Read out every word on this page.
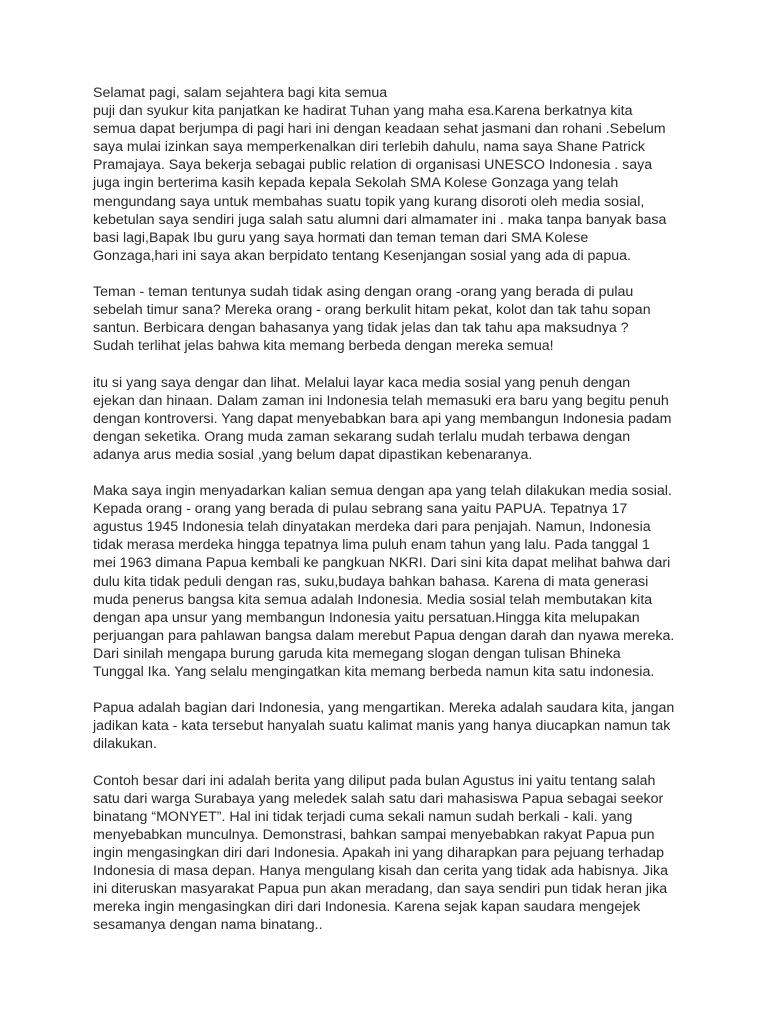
Selamat pagi, salam sejahtera bagi kita semua
puji dan syukur kita panjatkan ke hadirat Tuhan yang maha esa.Karena berkatnya kita
semua dapat berjumpa di pagi hari ini dengan keadaan sehat jasmani dan rohani .Sebelum
saya mulai izinkan saya memperkenalkan diri terlebih dahulu, nama saya Shane Patrick
Pramajaya. Saya bekerja sebagai public relation di organisasi UNESCO Indonesia . saya
juga ingin berterima kasih kepada kepala Sekolah SMA Kolese Gonzaga yang telah
mengundang saya untuk membahas suatu topik yang kurang disoroti oleh media sosial,
kebetulan saya sendiri juga salah satu alumni dari almamater ini . maka tanpa banyak basa
basi lagi,Bapak Ibu guru yang saya hormati dan teman teman dari SMA Kolese
Gonzaga,hari ini saya akan berpidato tentang Kesenjangan sosial yang ada di papua.

Teman - teman tentunya sudah tidak asing dengan orang -orang yang berada di pulau
sebelah timur sana? Mereka orang - orang berkulit hitam pekat, kolot dan tak tahu sopan
santun. Berbicara dengan bahasanya yang tidak jelas dan tak tahu apa maksudnya ?
Sudah terlihat jelas bahwa kita memang berbeda dengan mereka semua!

itu si yang saya dengar dan lihat. Melalui layar kaca media sosial yang penuh dengan
ejekan dan hinaan. Dalam zaman ini Indonesia telah memasuki era baru yang begitu penuh
dengan kontroversi. Yang dapat menyebabkan bara api yang membangun Indonesia padam
dengan seketika. Orang muda zaman sekarang sudah terlalu mudah terbawa dengan
adanya arus media sosial ,yang belum dapat dipastikan kebenaranya.

Maka saya ingin menyadarkan kalian semua dengan apa yang telah dilakukan media sosial.
Kepada orang - orang yang berada di pulau sebrang sana yaitu PAPUA. Tepatnya 17
agustus 1945 Indonesia telah dinyatakan merdeka dari para penjajah. Namun, Indonesia
tidak merasa merdeka hingga tepatnya lima puluh enam tahun yang lalu. Pada tanggal 1
mei 1963 dimana Papua kembali ke pangkuan NKRI. Dari sini kita dapat melihat bahwa dari
dulu kita tidak peduli dengan ras, suku,budaya bahkan bahasa. Karena di mata generasi
muda penerus bangsa kita semua adalah Indonesia. Media sosial telah membutakan kita
dengan apa unsur yang membangun Indonesia yaitu persatuan.Hingga kita melupakan
perjuangan para pahlawan bangsa dalam merebut Papua dengan darah dan nyawa mereka.
Dari sinilah mengapa burung garuda kita memegang slogan dengan tulisan Bhineka
Tunggal Ika. Yang selalu mengingatkan kita memang berbeda namun kita satu indonesia.

Papua adalah bagian dari Indonesia, yang mengartikan. Mereka adalah saudara kita, jangan
jadikan kata - kata tersebut hanyalah suatu kalimat manis yang hanya diucapkan namun tak
dilakukan.

Contoh besar dari ini adalah berita yang diliput pada bulan Agustus ini yaitu tentang salah
satu dari warga Surabaya yang meledek salah satu dari mahasiswa Papua sebagai seekor
binatang “MONYET”. Hal ini tidak terjadi cuma sekali namun sudah berkali - kali. yang
menyebabkan munculnya. Demonstrasi, bahkan sampai menyebabkan rakyat Papua pun
ingin mengasingkan diri dari Indonesia. Apakah ini yang diharapkan para pejuang terhadap
Indonesia di masa depan. Hanya mengulang kisah dan cerita yang tidak ada habisnya. Jika
ini diteruskan masyarakat Papua pun akan meradang, dan saya sendiri pun tidak heran jika
mereka ingin mengasingkan diri dari Indonesia. Karena sejak kapan saudara mengejek
sesamanya dengan nama binatang..
